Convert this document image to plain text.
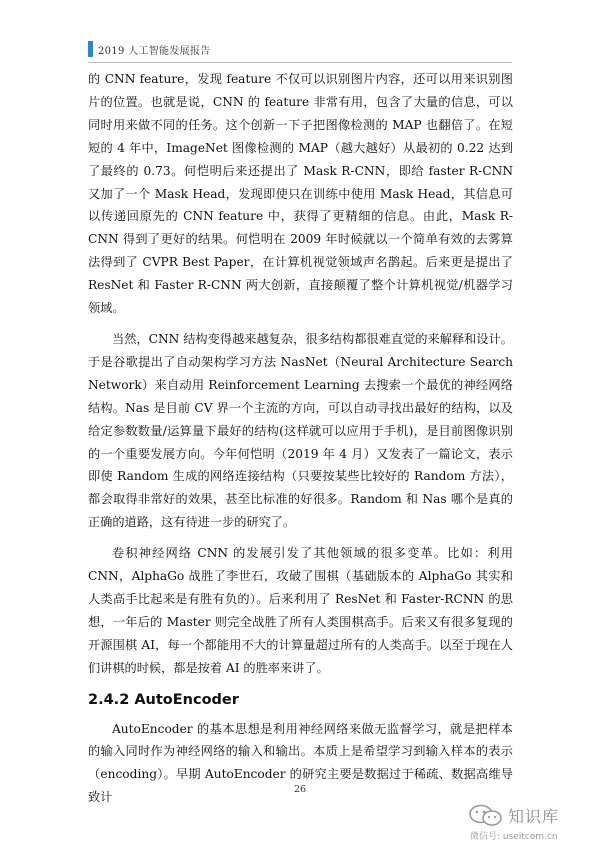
2019 人工智能发展报告

的 CNN feature，发现 feature 不仅可以识别图片内容，还可以用来识别图片的位置。也就是说，CNN 的 feature 非常有用，包含了大量的信息，可以同时用来做不同的任务。这个创新一下子把图像检测的 MAP 也翻倍了。在短短的 4 年中，ImageNet 图像检测的 MAP（越大越好）从最初的 0.22 达到了最终的 0.73。何恺明后来还提出了 Mask R-CNN，即给 faster R-CNN 又加了一个 Mask Head，发现即使只在训练中使用 Mask Head，其信息可以传递回原先的 CNN feature 中，获得了更精细的信息。由此，Mask R-CNN 得到了更好的结果。何恺明在 2009 年时候就以一个简单有效的去雾算法得到了 CVPR Best Paper，在计算机视觉领域声名鹊起。后来更是提出了 ResNet 和 Faster R-CNN 两大创新，直接颠覆了整个计算机视觉/机器学习领域。

当然，CNN 结构变得越来越复杂，很多结构都很难直觉的来解释和设计。于是谷歌提出了自动架构学习方法 NasNet（Neural Architecture Search Network）来自动用 Reinforcement Learning 去搜索一个最优的神经网络结构。Nas 是目前 CV 界一个主流的方向，可以自动寻找出最好的结构，以及给定参数数量/运算量下最好的结构(这样就可以应用于手机)，是目前图像识别的一个重要发展方向。今年何恺明（2019 年 4 月）又发表了一篇论文，表示即使 Random 生成的网络连接结构（只要按某些比较好的 Random 方法），都会取得非常好的效果，甚至比标准的好很多。Random 和 Nas 哪个是真的正确的道路，这有待进一步的研究了。

卷积神经网络 CNN 的发展引发了其他领域的很多变革。比如：利用 CNN，AlphaGo 战胜了李世石，攻破了围棋（基础版本的 AlphaGo 其实和人类高手比起来是有胜有负的）。后来利用了 ResNet 和 Faster-RCNN 的思想，一年后的 Master 则完全战胜了所有人类围棋高手。后来又有很多复现的开源围棋 AI，每一个都能用不大的计算量超过所有的人类高手。以至于现在人们讲棋的时候，都是按着 AI 的胜率来讲了。

2.4.2 AutoEncoder

AutoEncoder 的基本思想是利用神经网络来做无监督学习，就是把样本的输入同时作为神经网络的输入和输出。本质上是希望学习到输入样本的表示（encoding）。早期 AutoEncoder 的研究主要是数据过于稀疏、数据高维导致计

26
知识库
微信号: useitcom.cn
